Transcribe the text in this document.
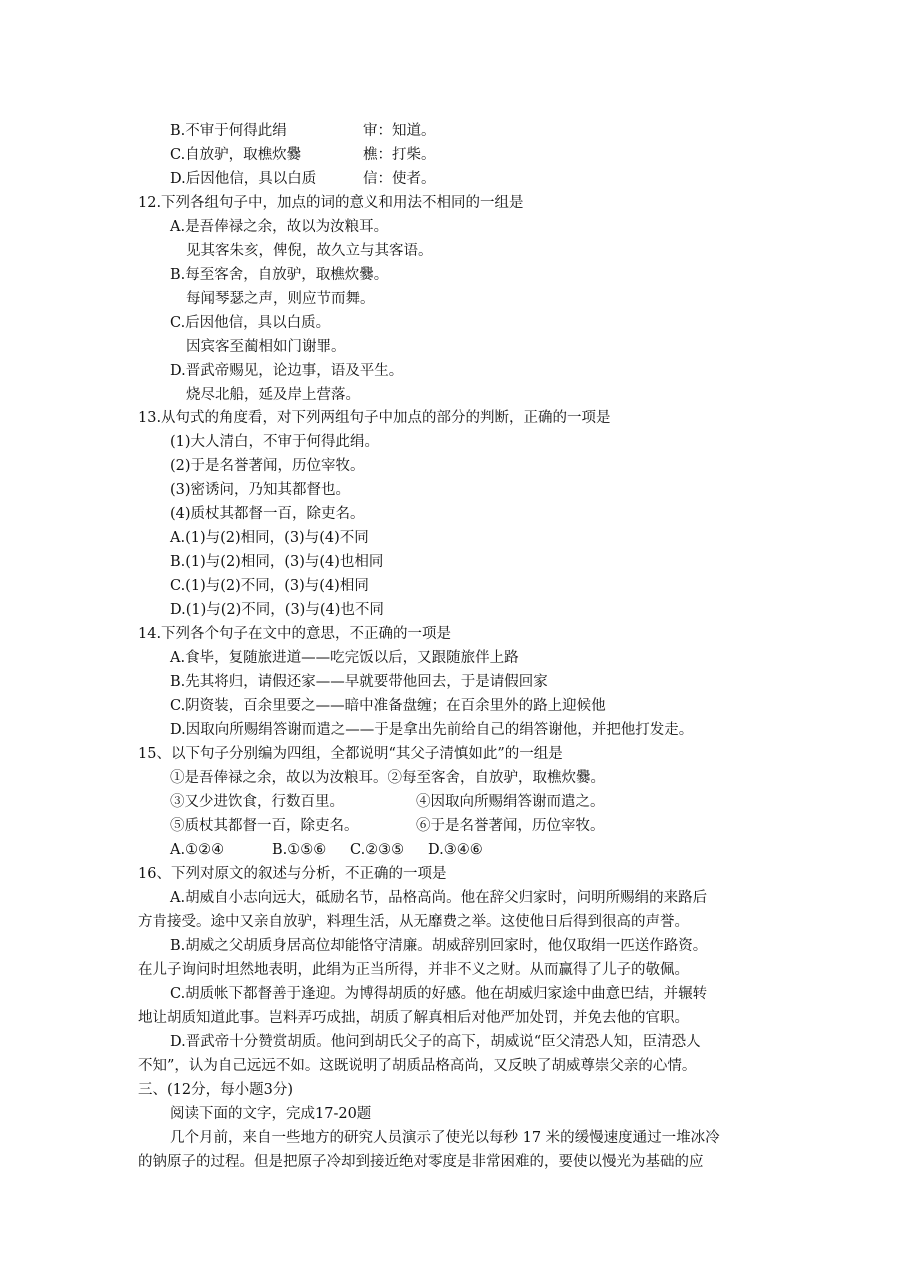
B.不审于何得此绢	审：知道。
C.自放驴，取樵炊爨	樵：打柴。
D.后因他信，具以白质	信：使者。
12.下列各组句子中，加点的词的意义和用法不相同的一组是
A.是吾俸禄之余，故以为汝粮耳。
见其客朱亥，俾倪，故久立与其客语。
B.每至客舍，自放驴，取樵炊爨。
每闻琴瑟之声，则应节而舞。
C.后因他信，具以白质。
因宾客至蔺相如门谢罪。
D.晋武帝赐见，论边事，语及平生。
烧尽北船，延及岸上营落。
13.从句式的角度看，对下列两组句子中加点的部分的判断，正确的一项是
(1)大人清白，不审于何得此绢。
(2)于是名誉著闻，历位宰牧。
(3)密诱问，乃知其都督也。
(4)质杖其都督一百，除吏名。
A.(1)与(2)相同，(3)与(4)不同
B.(1)与(2)相同，(3)与(4)也相同
C.(1)与(2)不同，(3)与(4)相同
D.(1)与(2)不同，(3)与(4)也不同
14.下列各个句子在文中的意思，不正确的一项是
A.食毕，复随旅进道——吃完饭以后，又跟随旅伴上路
B.先其将归，请假还家——早就要带他回去，于是请假回家
C.阴资装，百余里要之——暗中准备盘缠；在百余里外的路上迎候他
D.因取向所赐绢答谢而遣之——于是拿出先前给自己的绢答谢他，并把他打发走。
15、以下句子分别编为四组，全都说明“其父子清慎如此”的一组是
①是吾俸禄之余，故以为汝粮耳。②每至客舍，自放驴，取樵炊爨。
③又少进饮食，行数百里。	④因取向所赐绢答谢而遣之。
⑤质杖其都督一百，除吏名。	⑥于是名誉著闻，历位宰牧。
A.①②④	B.①⑤⑥ C.②③⑤ D.③④⑥
16、下列对原文的叙述与分析，不正确的一项是
A.胡威自小志向远大，砥励名节，品格高尚。他在辞父归家时，问明所赐绢的来路后
方肯接受。途中又亲自放驴，料理生活，从无靡费之举。这使他日后得到很高的声誉。
B.胡威之父胡质身居高位却能恪守清廉。胡威辞别回家时，他仅取绢一匹送作路资。
在儿子询问时坦然地表明，此绢为正当所得，并非不义之财。从而赢得了儿子的敬佩。
C.胡质帐下都督善于逢迎。为博得胡质的好感。他在胡威归家途中曲意巴结，并辗转
地让胡质知道此事。岂料弄巧成拙，胡质了解真相后对他严加处罚，并免去他的官职。
D.晋武帝十分赞赏胡质。他问到胡氏父子的高下，胡威说“臣父清恐人知，臣清恐人
不知”，认为自己远远不如。这既说明了胡质品格高尚，又反映了胡威尊崇父亲的心情。
三、(12分，每小题3分)
阅读下面的文字，完成17-20题
几个月前，来自一些地方的研究人员演示了使光以每秒 17 米的缓慢速度通过一堆冰冷
的钠原子的过程。但是把原子冷却到接近绝对零度是非常困难的，要使以慢光为基础的应
